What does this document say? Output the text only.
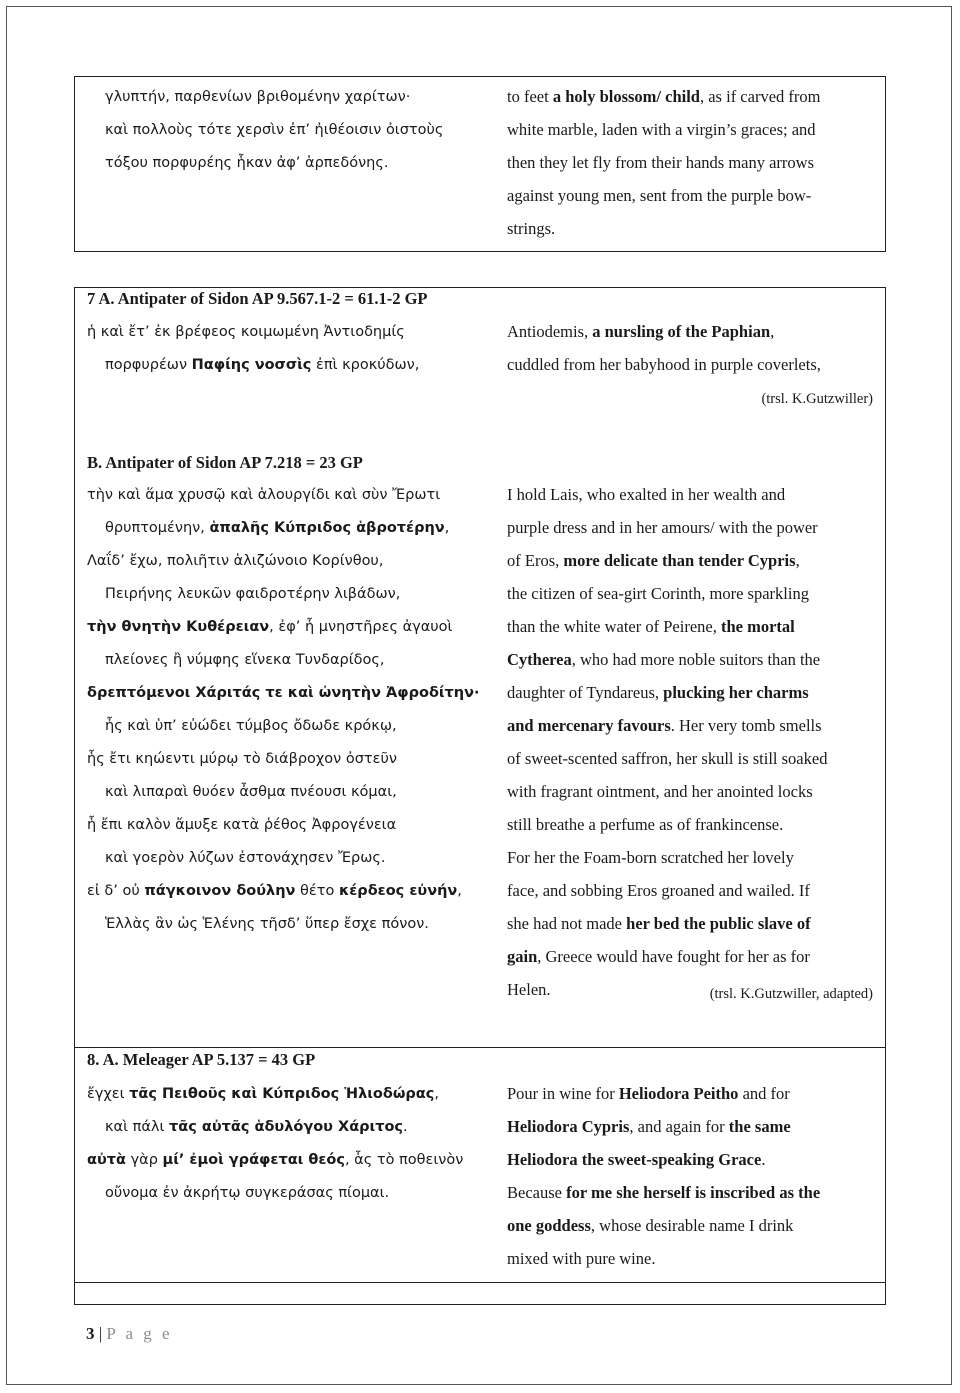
γλυπτήν, παρθενίων βριθομένην χαρίτων·
καὶ πολλοὺς τότε χερσὶν ἐπ’ ἠιθέοισιν ὀιστοὺς
τόξου πορφυρέης ἧκαν ἀφ’ ἁρπεδόνης.
to feet a holy blossom/ child, as if carved from
white marble, laden with a virgin’s graces; and
then they let fly from their hands many arrows
against young men, sent from the purple bow-
strings.
7 A. Antipater of Sidon AP 9.567.1-2 = 61.1-2 GP
ἡ καὶ ἔτ’ ἐκ βρέφεος κοιμωμένη Ἀντιοδημίς
πορφυρέων Παφίης νοσσὶς ἐπὶ κροκύδων,
Antiodemis, a nursling of the Paphian,
cuddled from her babyhood in purple coverlets,
(trsl. K.Gutzwiller)
B. Antipater of Sidon AP 7.218 = 23 GP
τὴν καὶ ἅμα χρυσῷ καὶ ἁλουργίδι καὶ σὺν Ἔρωτι
θρυπτομένην, ἁπαλῆς Κύπριδος ἁβροτέρην,
Λαΐδ’ ἔχω, πολιῆτιν ἁλιζώνοιο Κορίνθου,
Πειρήνης λευκῶν φαιδροτέρην λιβάδων,
τὴν θνητὴν Κυθέρειαν, ἐφ’ ἧ μνηστῆρες ἀγαυοὶ
πλείονες ἢ νύμφης εἵνεκα Τυνδαρίδος,
δρεπτόμενοι Χάριτάς τε καὶ ὠνητὴν Ἀφροδίτην·
ἧς καὶ ὑπ’ εὐώδει τύμβος ὄδωδε κρόκῳ,
ἧς ἔτι κηώεντι μύρῳ τὸ διάβροχον ὀστεῦν
καὶ λιπαραὶ θυόεν ἆσθμα πνέουσι κόμαι,
ἧ ἔπι καλὸν ἄμυξε κατὰ ῥέθος Ἀφρογένεια
καὶ γοερὸν λύζων ἐστονάχησεν Ἔρως.
εἰ δ’ οὐ πάγκοινον δούλην θέτο κέρδεος εὐνήν,
Ἑλλὰς ἂν ὡς Ἑλένης τῆσδ’ ὕπερ ἔσχε πόνον.
I hold Lais, who exalted in her wealth and
purple dress and in her amours/ with the power
of Eros, more delicate than tender Cypris,
the citizen of sea-girt Corinth, more sparkling
than the white water of Peirene, the mortal
Cytherea, who had more noble suitors than the
daughter of Tyndareus, plucking her charms
and mercenary favours. Her very tomb smells
of sweet-scented saffron, her skull is still soaked
with fragrant ointment, and her anointed locks
still breathe a perfume as of frankincense.
For her the Foam-born scratched her lovely
face, and sobbing Eros groaned and wailed. If
she had not made her bed the public slave of
gain, Greece would have fought for her as for
Helen.	(trsl. K.Gutzwiller, adapted)
8. A. Meleager AP 5.137 = 43 GP
ἔγχει τᾶς Πειθοῦς καὶ Κύπριδος Ἡλιοδώρας,
καὶ πάλι τᾶς αὐτᾶς ἁδυλόγου Χάριτος.
αὐτὰ γὰρ μί’ ἐμοὶ γράφεται θεός, ἇς τὸ ποθεινὸν
οὔνομα ἐν ἀκρήτῳ συγκεράσας πίομαι.
Pour in wine for Heliodora Peitho and for
Heliodora Cypris, and again for the same
Heliodora the sweet-speaking Grace.
Because for me she herself is inscribed as the
one goddess, whose desirable name I drink
mixed with pure wine.
3 | P a g e
